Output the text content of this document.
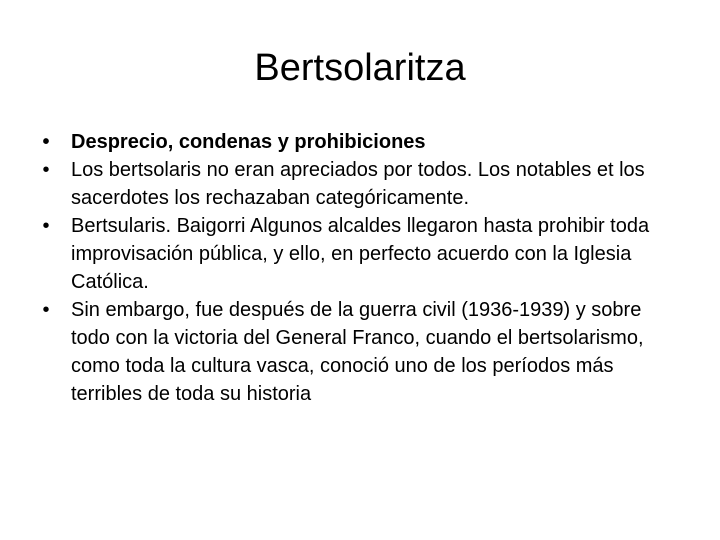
Bertsolaritza
•	Desprecio, condenas y prohibiciones
•	Los bertsolaris no eran apreciados por todos. Los notables et los sacerdotes los rechazaban categóricamente.
•	Bertsularis. Baigorri Algunos alcaldes llegaron hasta prohibir toda improvisación pública, y ello, en perfecto acuerdo con la Iglesia Católica.
•	Sin embargo, fue después de la guerra civil (1936-1939) y sobre todo con la victoria del General Franco, cuando el bertsolarismo, como toda la cultura vasca, conoció uno de los períodos más terribles de toda su historia
